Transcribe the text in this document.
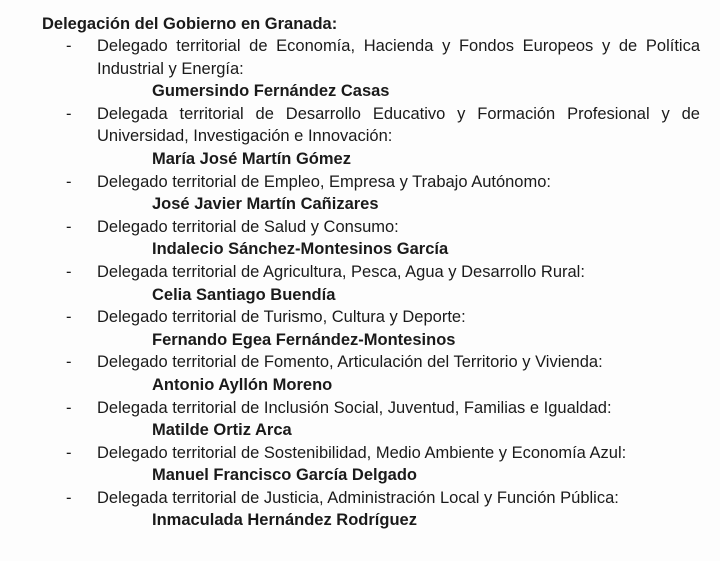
Delegación del Gobierno en Granada:
-	Delegado territorial de Economía, Hacienda y Fondos Europeos y de Política Industrial y Energía:
Gumersindo Fernández Casas
-	Delegada territorial de Desarrollo Educativo y Formación Profesional y de Universidad, Investigación e Innovación:
María José Martín Gómez
-	Delegado territorial de Empleo, Empresa y Trabajo Autónomo:
José Javier Martín Cañizares
-	Delegado territorial de Salud y Consumo:
Indalecio Sánchez-Montesinos García
-	Delegada territorial de Agricultura, Pesca, Agua y Desarrollo Rural:
Celia Santiago Buendía
-	Delegado territorial de Turismo, Cultura y Deporte:
Fernando Egea Fernández-Montesinos
-	Delegado territorial de Fomento, Articulación del Territorio y Vivienda:
Antonio Ayllón Moreno
-	Delegada territorial de Inclusión Social, Juventud, Familias e Igualdad:
Matilde Ortiz Arca
-	Delegado territorial de Sostenibilidad, Medio Ambiente y Economía Azul:
Manuel Francisco García Delgado
-	Delegada territorial de Justicia, Administración Local y Función Pública:
Inmaculada Hernández Rodríguez
